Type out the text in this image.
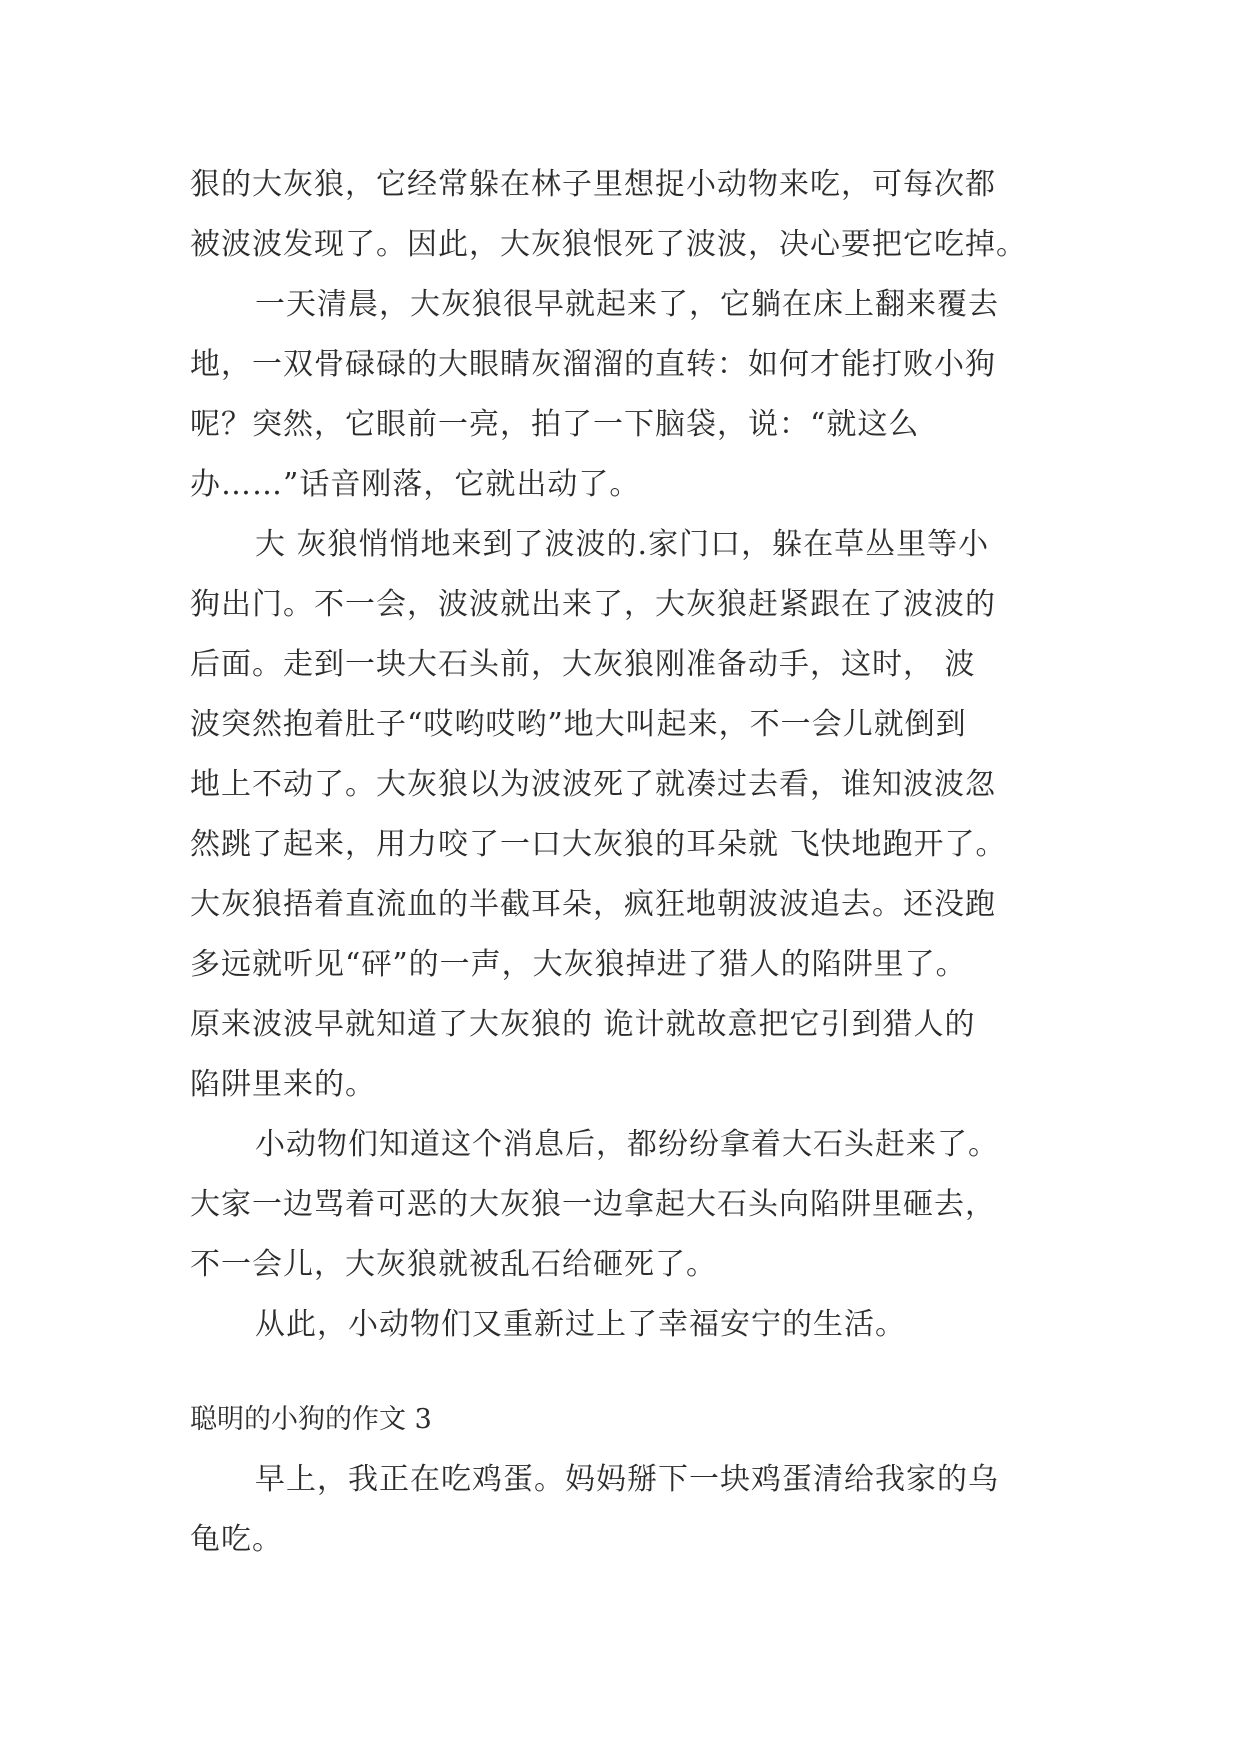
狠的大灰狼，它经常躲在林子里想捉小动物来吃，可每次都
被波波发现了。因此，大灰狼恨死了波波，决心要把它吃掉。
一天清晨，大灰狼很早就起来了，它躺在床上翻来覆去
地，一双骨碌碌的大眼睛灰溜溜的直转：如何才能打败小狗
呢？突然，它眼前一亮，拍了一下脑袋，说：“就这么
办……”话音刚落，它就出动了。
大 灰狼悄悄地来到了波波的.家门口，躲在草丛里等小
狗出门。不一会，波波就出来了，大灰狼赶紧跟在了波波的
后面。走到一块大石头前，大灰狼刚准备动手，这时， 波
波突然抱着肚子“哎哟哎哟”地大叫起来，不一会儿就倒到
地上不动了。大灰狼以为波波死了就凑过去看，谁知波波忽
然跳了起来，用力咬了一口大灰狼的耳朵就 飞快地跑开了。
大灰狼捂着直流血的半截耳朵，疯狂地朝波波追去。还没跑
多远就听见“砰”的一声，大灰狼掉进了猎人的陷阱里了。
原来波波早就知道了大灰狼的 诡计就故意把它引到猎人的
陷阱里来的。
小动物们知道这个消息后，都纷纷拿着大石头赶来了。
大家一边骂着可恶的大灰狼一边拿起大石头向陷阱里砸去，
不一会儿，大灰狼就被乱石给砸死了。
从此，小动物们又重新过上了幸福安宁的生活。
聪明的小狗的作文 3
早上，我正在吃鸡蛋。妈妈掰下一块鸡蛋清给我家的乌
龟吃。
